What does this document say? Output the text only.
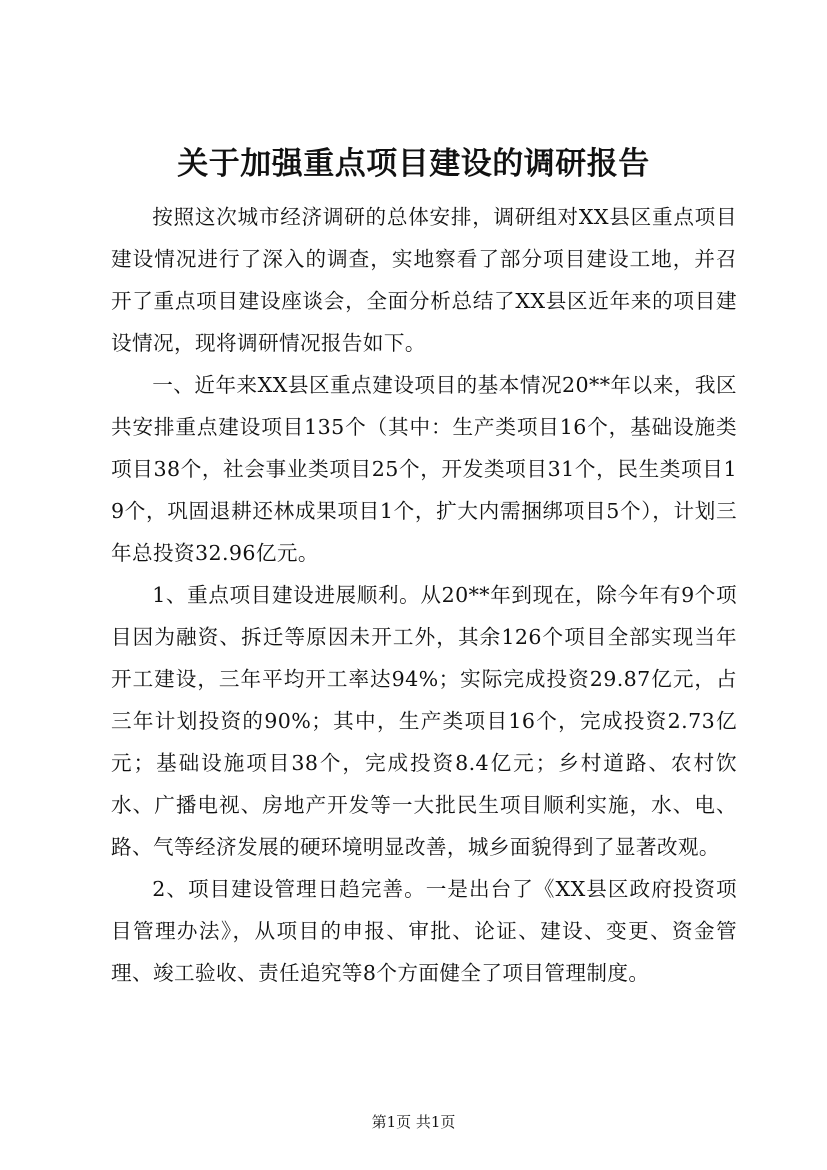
关于加强重点项目建设的调研报告

按照这次城市经济调研的总体安排，调研组对XX县区重点项目建设情况进行了深入的调查，实地察看了部分项目建设工地，并召开了重点项目建设座谈会，全面分析总结了XX县区近年来的项目建设情况，现将调研情况报告如下。

一、近年来XX县区重点建设项目的基本情况20**年以来，我区共安排重点建设项目135个（其中：生产类项目16个，基础设施类项目38个，社会事业类项目25个，开发类项目31个，民生类项目19个，巩固退耕还林成果项目1个，扩大内需捆绑项目5个），计划三年总投资32.96亿元。

1、重点项目建设进展顺利。从20**年到现在，除今年有9个项目因为融资、拆迁等原因未开工外，其余126个项目全部实现当年开工建设，三年平均开工率达94%；实际完成投资29.87亿元，占三年计划投资的90%；其中，生产类项目16个，完成投资2.73亿元；基础设施项目38个，完成投资8.4亿元；乡村道路、农村饮水、广播电视、房地产开发等一大批民生项目顺利实施，水、电、路、气等经济发展的硬环境明显改善，城乡面貌得到了显著改观。

2、项目建设管理日趋完善。一是出台了《XX县区政府投资项目管理办法》，从项目的申报、审批、论证、建设、变更、资金管理、竣工验收、责任追究等8个方面健全了项目管理制度。

第1页 共1页
